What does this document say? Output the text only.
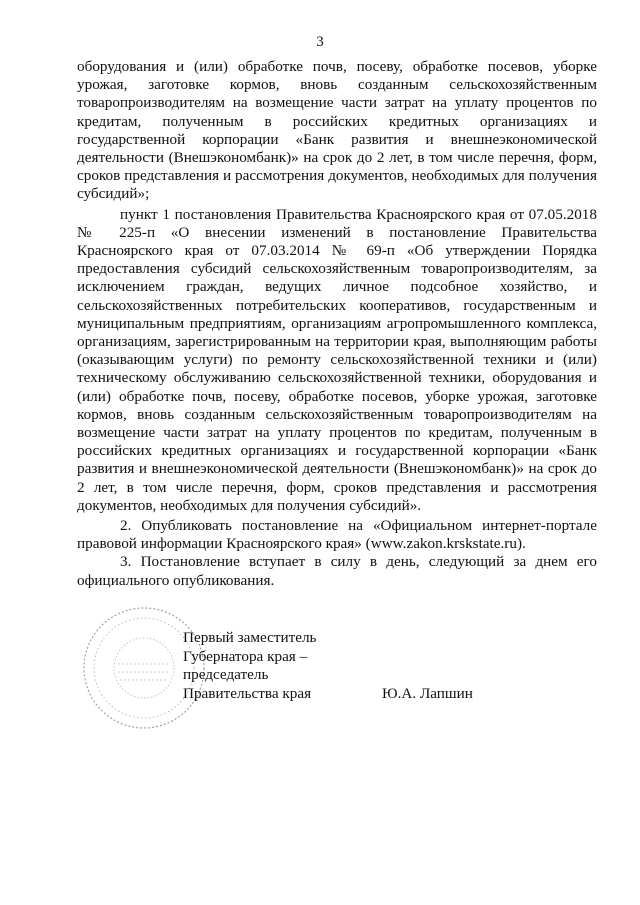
3

оборудования и (или) обработке почв, посеву, обработке посевов, уборке урожая, заготовке кормов, вновь созданным сельскохозяйственным товаропроизводителям на возмещение части затрат на уплату процентов по кредитам, полученным в российских кредитных организациях и государственной корпорации «Банк развития и внешнеэкономической деятельности (Внешэкономбанк)» на срок до 2 лет, в том числе перечня, форм, сроков представления и рассмотрения документов, необходимых для получения субсидий»;

пункт 1 постановления Правительства Красноярского края от 07.05.2018 № 225-п «О внесении изменений в постановление Правительства Красноярского края от 07.03.2014 № 69-п «Об утверждении Порядка предоставления субсидий сельскохозяйственным товаропроизводителям, за исключением граждан, ведущих личное подсобное хозяйство, и сельскохозяйственных потребительских кооперативов, государственным и муниципальным предприятиям, организациям агропромышленного комплекса, организациям, зарегистрированным на территории края, выполняющим работы (оказывающим услуги) по ремонту сельскохозяйственной техники и (или) техническому обслуживанию сельскохозяйственной техники, оборудования и (или) обработке почв, посеву, обработке посевов, уборке урожая, заготовке кормов, вновь созданным сельскохозяйственным товаропроизводителям на возмещение части затрат на уплату процентов по кредитам, полученным в российских кредитных организациях и государственной корпорации «Банк развития и внешнеэкономической деятельности (Внешэкономбанк)» на срок до 2 лет, в том числе перечня, форм, сроков представления и рассмотрения документов, необходимых для получения субсидий».

2. Опубликовать постановление на «Официальном интернет-портале правовой информации Красноярского края» (www.zakon.krskstate.ru).

3. Постановление вступает в силу в день, следующий за днем его официального опубликования.

Первый заместитель
Губернатора края –
председатель
Правительства края	Ю.А. Лапшин
